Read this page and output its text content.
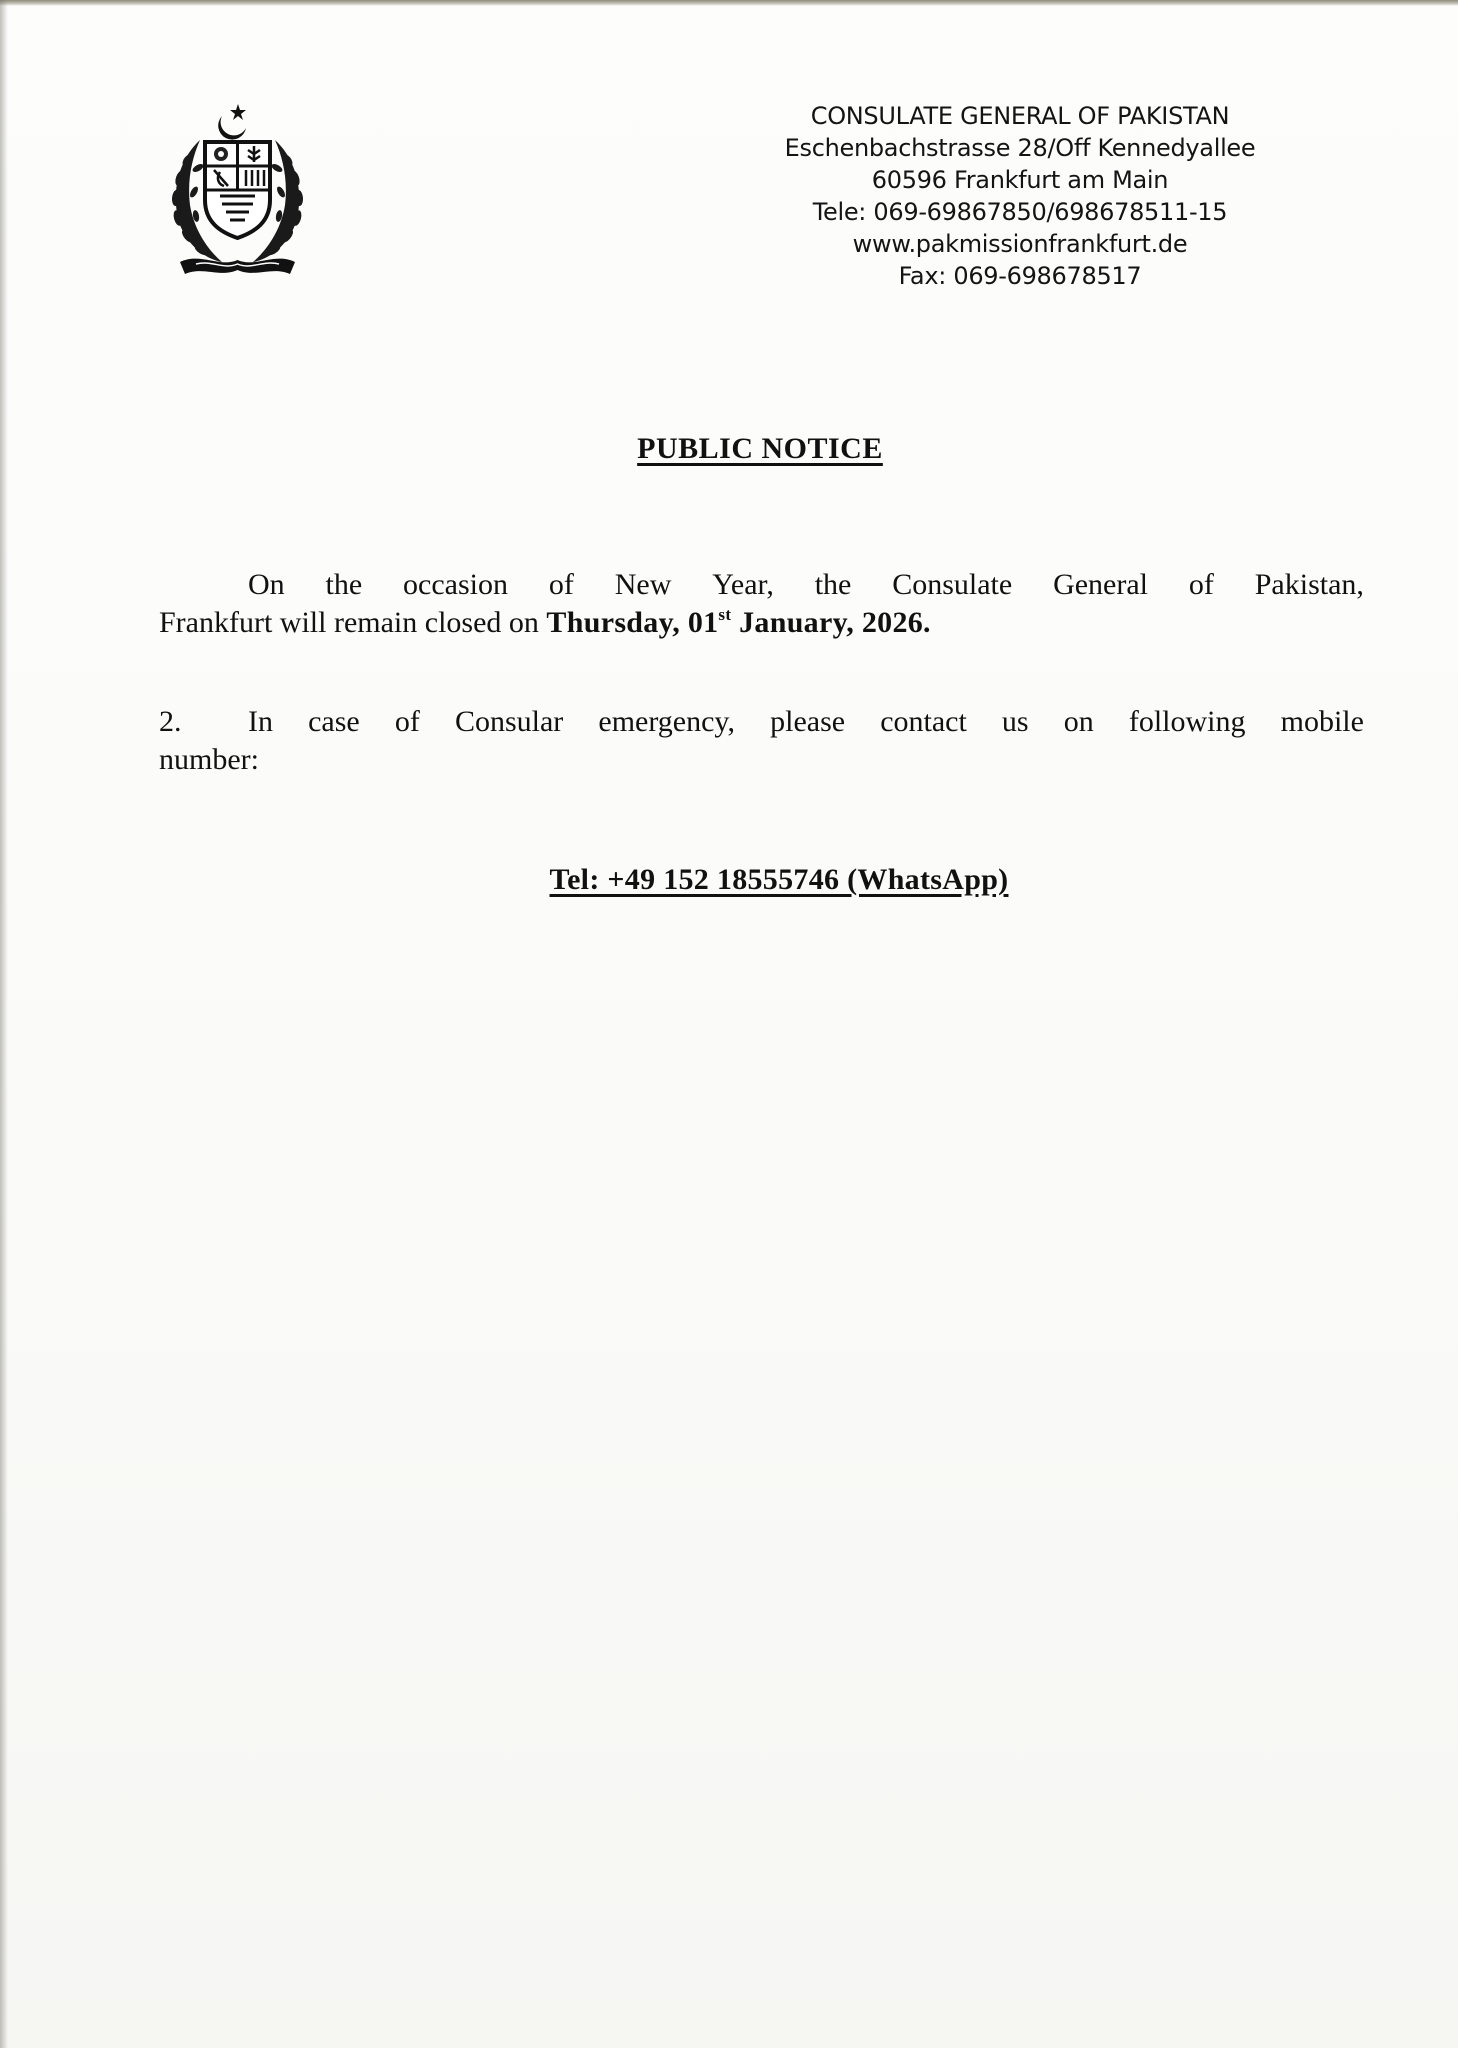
CONSULATE GENERAL OF PAKISTAN
Eschenbachstrasse 28/Off Kennedyallee
60596 Frankfurt am Main
Tele: 069-69867850/698678511-15
www.pakmissionfrankfurt.de
Fax: 069-698678517
PUBLIC NOTICE
On the occasion of New Year, the Consulate General of Pakistan,
Frankfurt will remain closed on Thursday, 01st January, 2026.
2.	In case of Consular emergency, please contact us on following mobile
number:
Tel: +49 152 18555746 (WhatsApp)
